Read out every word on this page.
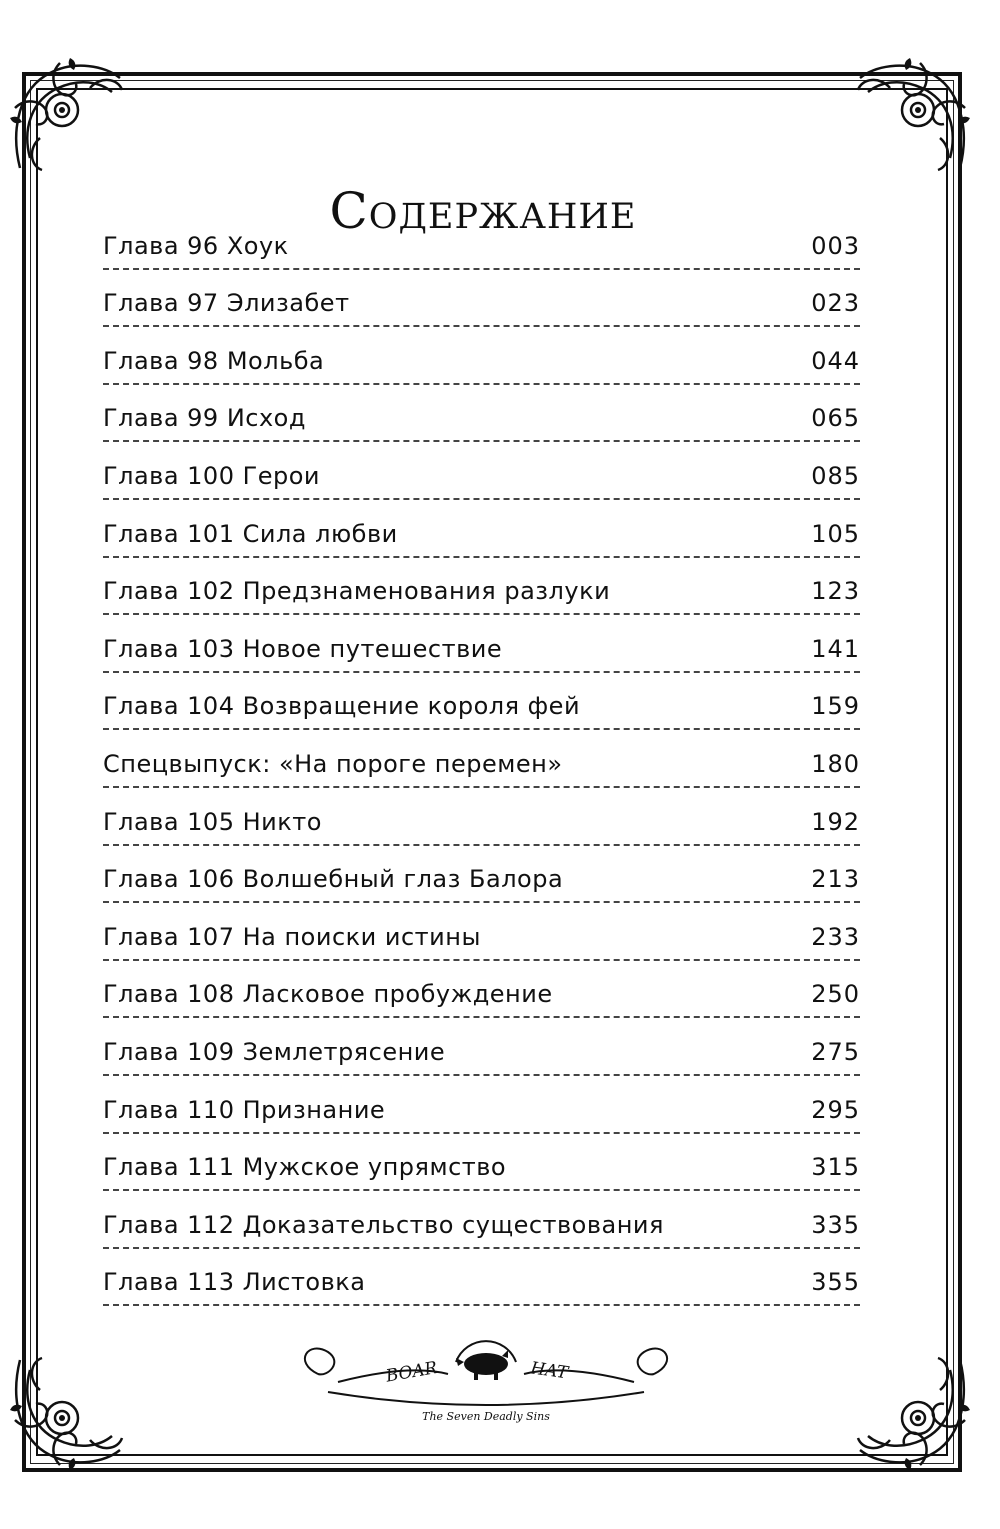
Содержание
Глава 96 Хоук	003
Глава 97 Элизабет	023
Глава 98 Мольба	044
Глава 99 Исход	065
Глава 100 Герои	085
Глава 101 Сила любви	105
Глава 102 Предзнаменования разлуки	123
Глава 103 Новое путешествие	141
Глава 104 Возвращение короля фей	159
Спецвыпуск: «На пороге перемен»	180
Глава 105 Никто	192
Глава 106 Волшебный глаз Балора	213
Глава 107 На поиски истины	233
Глава 108 Ласковое пробуждение	250
Глава 109 Землетрясение	275
Глава 110 Признание	295
Глава 111 Мужское упрямство	315
Глава 112 Доказательство существования	335
Глава 113 Листовка	355
BOAR	HAT
The Seven Deadly Sins
